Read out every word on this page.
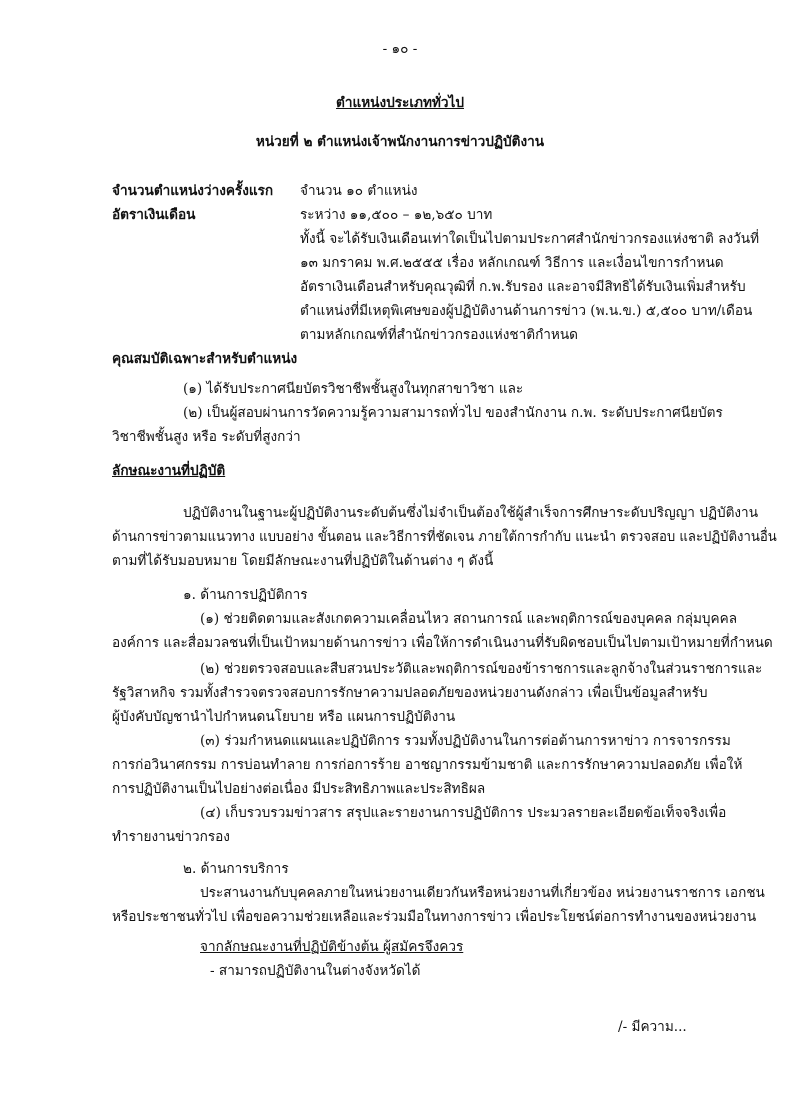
- ๑๐ -
ตำแหน่งประเภททั่วไป
หน่วยที่ ๒ ตำแหน่งเจ้าพนักงานการข่าวปฏิบัติงาน
จำนวนตำแหน่งว่างครั้งแรก จำนวน ๑๐ ตำแหน่ง
อัตราเงินเดือน	ระหว่าง ๑๑,๕๐๐ – ๑๒,๖๕๐ บาท
ทั้งนี้ จะได้รับเงินเดือนเท่าใดเป็นไปตามประกาศสำนักข่าวกรองแห่งชาติ ลงวันที่
๑๓ มกราคม พ.ศ.๒๕๕๕ เรื่อง หลักเกณฑ์ วิธีการ และเงื่อนไขการกำหนด
อัตราเงินเดือนสำหรับคุณวุฒิที่ ก.พ.รับรอง และอาจมีสิทธิได้รับเงินเพิ่มสำหรับ
ตำแหน่งที่มีเหตุพิเศษของผู้ปฏิบัติงานด้านการข่าว (พ.น.ข.) ๕,๕๐๐ บาท/เดือน
ตามหลักเกณฑ์ที่สำนักข่าวกรองแห่งชาติกำหนด
คุณสมบัติเฉพาะสำหรับตำแหน่ง
(๑) ได้รับประกาศนียบัตรวิชาชีพชั้นสูงในทุกสาขาวิชา และ
(๒) เป็นผู้สอบผ่านการวัดความรู้ความสามารถทั่วไป ของสำนักงาน ก.พ. ระดับประกาศนียบัตร
วิชาชีพชั้นสูง หรือ ระดับที่สูงกว่า
ลักษณะงานที่ปฏิบัติ
ปฏิบัติงานในฐานะผู้ปฏิบัติงานระดับต้นซึ่งไม่จำเป็นต้องใช้ผู้สำเร็จการศึกษาระดับปริญญา ปฏิบัติงาน
ด้านการข่าวตามแนวทาง แบบอย่าง ขั้นตอน และวิธีการที่ชัดเจน ภายใต้การกำกับ แนะนำ ตรวจสอบ และปฏิบัติงานอื่น
ตามที่ได้รับมอบหมาย โดยมีลักษณะงานที่ปฏิบัติในด้านต่าง ๆ ดังนี้
๑. ด้านการปฏิบัติการ
(๑) ช่วยติดตามและสังเกตความเคลื่อนไหว สถานการณ์ และพฤติการณ์ของบุคคล กลุ่มบุคคล
องค์การ และสื่อมวลชนที่เป็นเป้าหมายด้านการข่าว เพื่อให้การดำเนินงานที่รับผิดชอบเป็นไปตามเป้าหมายที่กำหนด
(๒) ช่วยตรวจสอบและสืบสวนประวัติและพฤติการณ์ของข้าราชการและลูกจ้างในส่วนราชการและ
รัฐวิสาหกิจ รวมทั้งสำรวจตรวจสอบการรักษาความปลอดภัยของหน่วยงานดังกล่าว เพื่อเป็นข้อมูลสำหรับ
ผู้บังคับบัญชานำไปกำหนดนโยบาย หรือ แผนการปฏิบัติงาน
(๓) ร่วมกำหนดแผนและปฏิบัติการ รวมทั้งปฏิบัติงานในการต่อต้านการหาข่าว การจารกรรม
การก่อวินาศกรรม การบ่อนทำลาย การก่อการร้าย อาชญากรรมข้ามชาติ และการรักษาความปลอดภัย เพื่อให้
การปฏิบัติงานเป็นไปอย่างต่อเนื่อง มีประสิทธิภาพและประสิทธิผล
(๔) เก็บรวบรวมข่าวสาร สรุปและรายงานการปฏิบัติการ ประมวลรายละเอียดข้อเท็จจริงเพื่อ
ทำรายงานข่าวกรอง
๒. ด้านการบริการ
ประสานงานกับบุคคลภายในหน่วยงานเดียวกันหรือหน่วยงานที่เกี่ยวข้อง หน่วยงานราชการ เอกชน
หรือประชาชนทั่วไป เพื่อขอความช่วยเหลือและร่วมมือในทางการข่าว เพื่อประโยชน์ต่อการทำงานของหน่วยงาน
จากลักษณะงานที่ปฏิบัติข้างต้น ผู้สมัครจึงควร
- สามารถปฏิบัติงานในต่างจังหวัดได้
/- มีความ...
